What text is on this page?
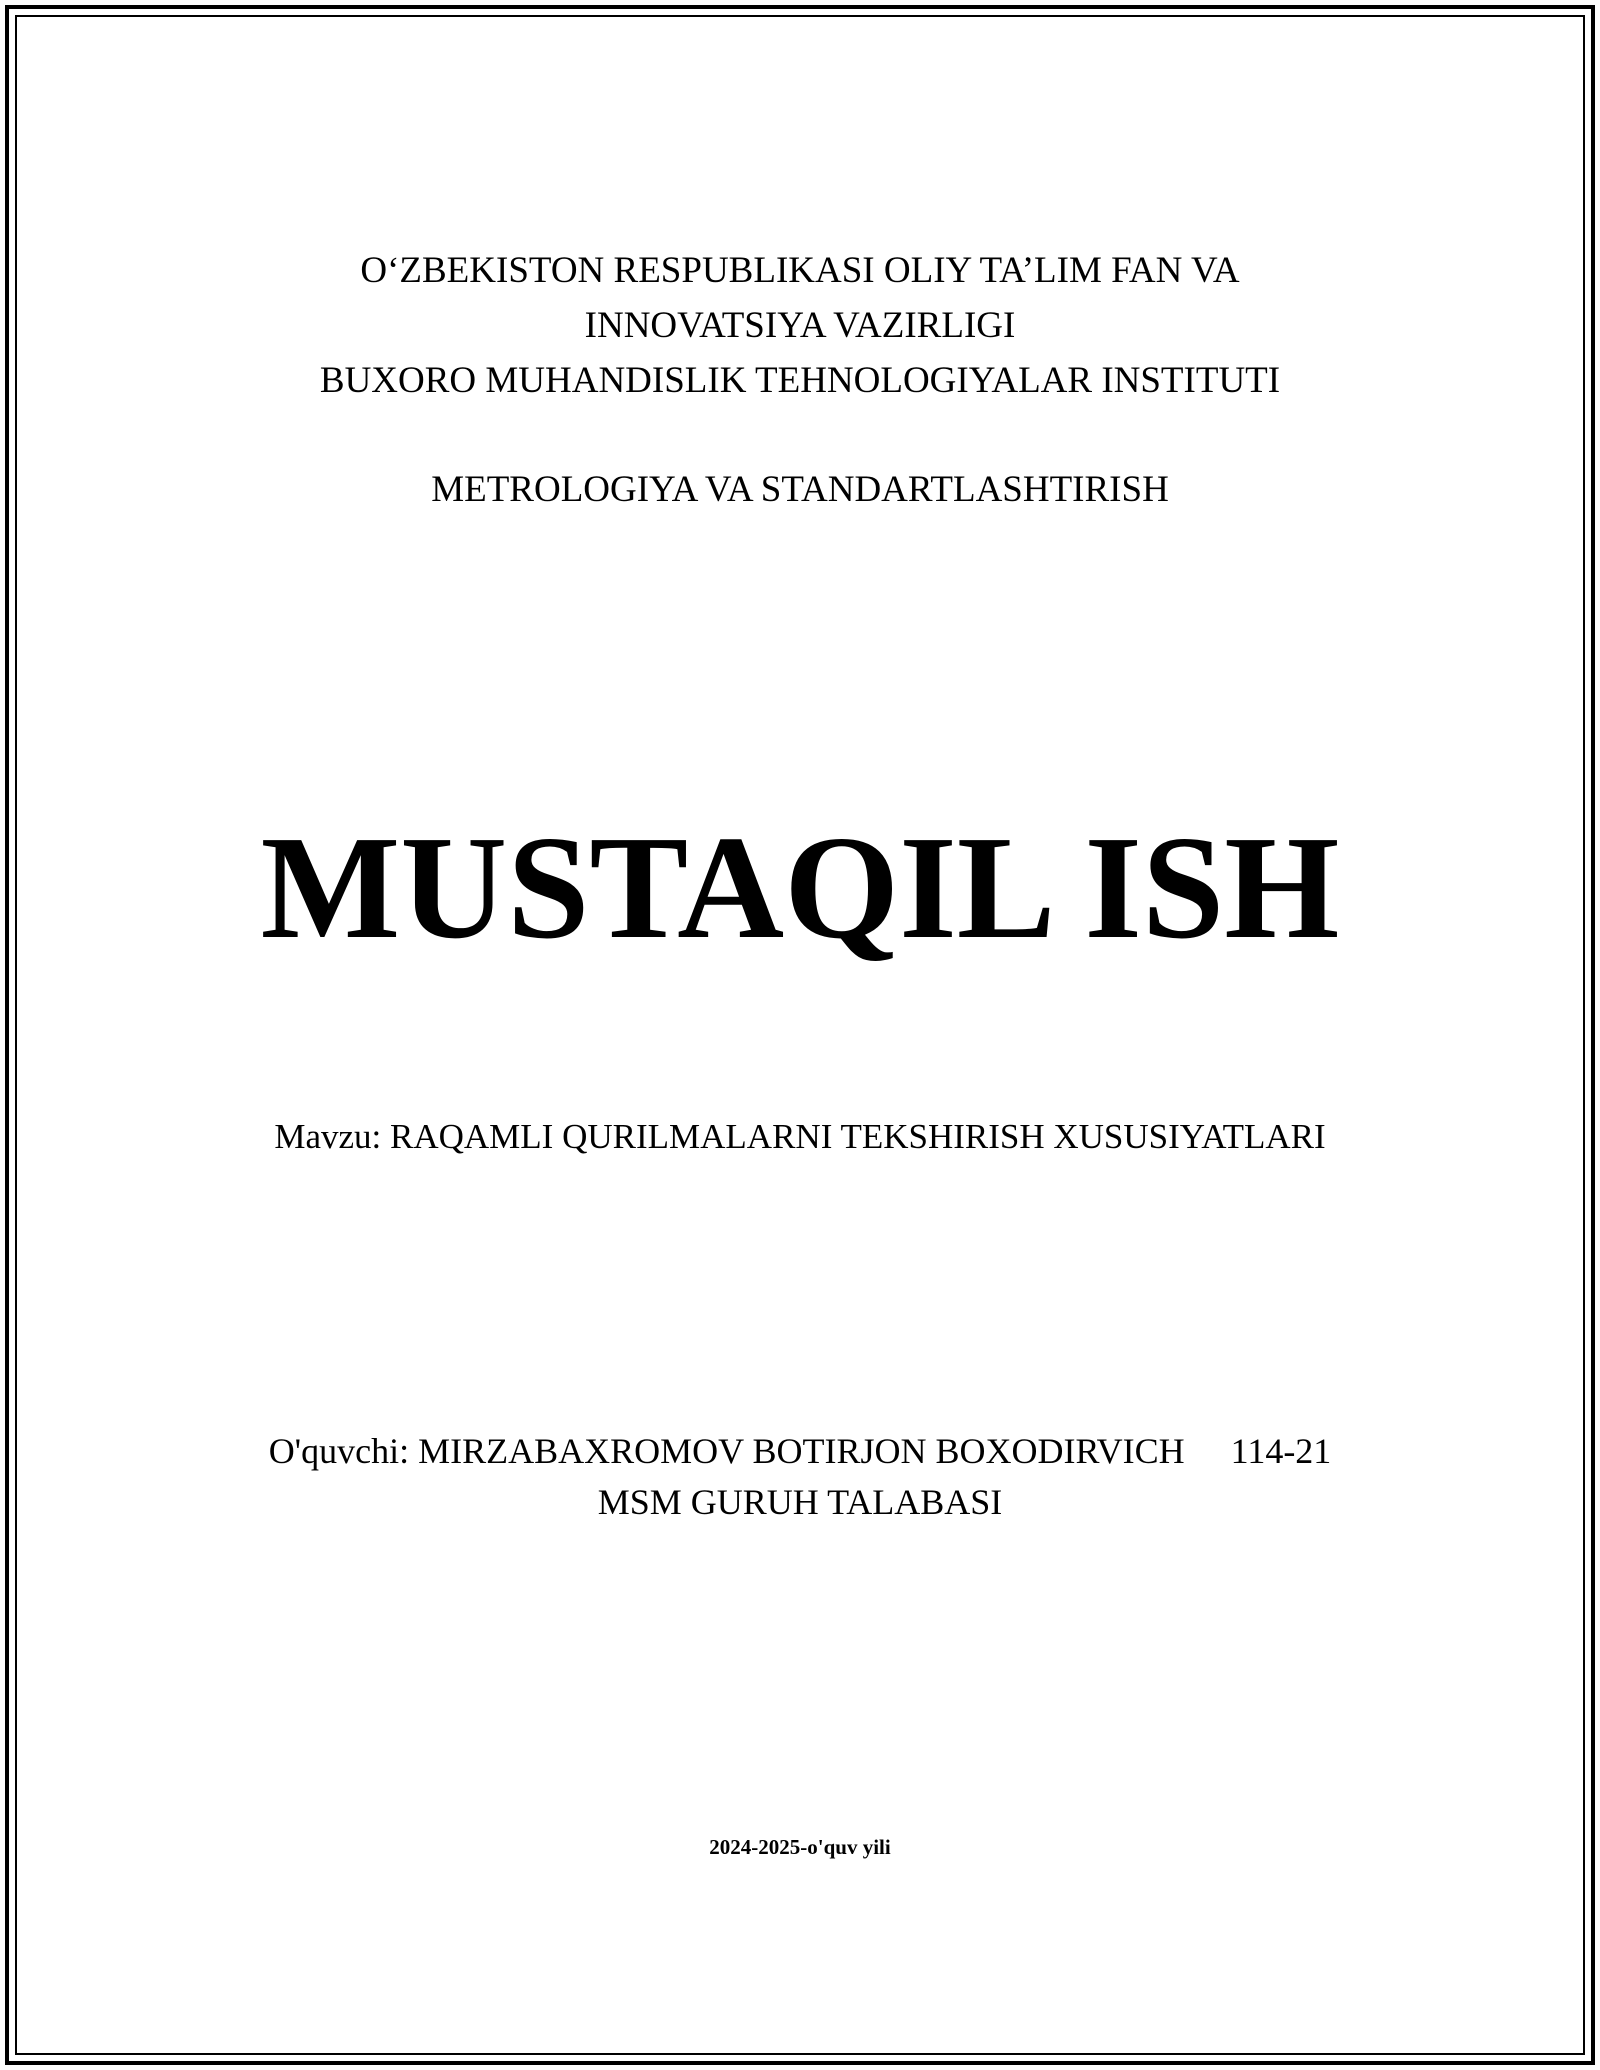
O‘ZBEKISTON RESPUBLIKASI OLIY TA’LIM FAN VA
INNOVATSIYA VAZIRLIGI
BUXORO MUHANDISLIK TEHNOLOGIYALAR INSTITUTI
METROLOGIYA VA STANDARTLASHTIRISH
MUSTAQIL ISH
Mavzu: RAQAMLI QURILMALARNI TEKSHIRISH XUSUSIYATLARI
O'quvchi: MIRZABAXROMOV BOTIRJON BOXODIRVICH 114-21
MSM GURUH TALABASI
2024-2025-o'quv yili
